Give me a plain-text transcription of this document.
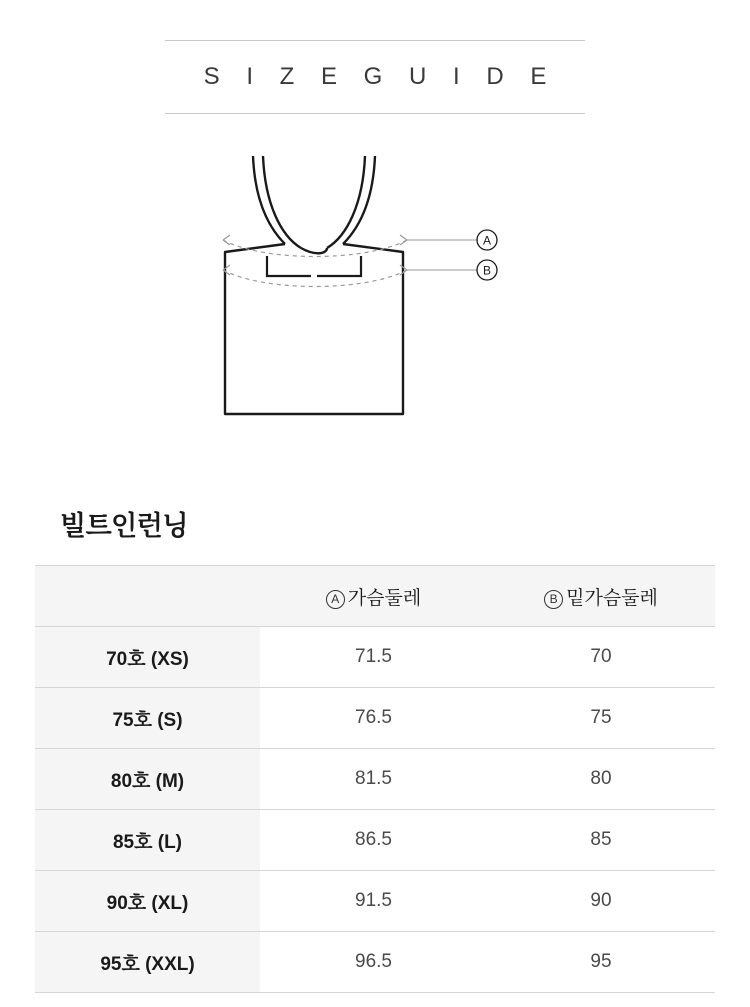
S I Z E G U I D E
A
B
빌트인런닝
	A 가슴둘레	B 밑가슴둘레
70호 (XS)	71.5	70
75호 (S)	76.5	75
80호 (M)	81.5	80
85호 (L)	86.5	85
90호 (XL)	91.5	90
95호 (XXL)	96.5	95
